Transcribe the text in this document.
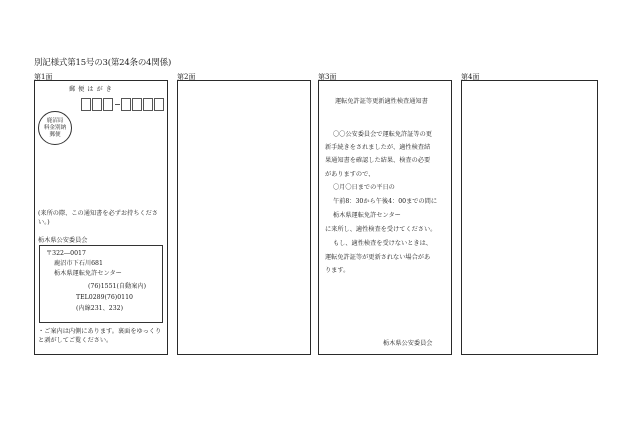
別記様式第15号の3(第24条の4関係)
第1面	第2面	第3面	第4面
郵 便 は が き
鹿沼局
料金別納
郵便
(来所の際、この通知書を必ずお持ちください。)
栃木県公安委員会
〒322―0017
鹿沼市下石川681
栃木県運転免許センター
(76)1551(自動案内)
TEL0289(76)0110
(内線231、232)
・ご案内は内側にあります。裏面をゆっくりと剥がしてご覧ください。
運転免許証等更新適性検査通知書
〇〇公安委員会で運転免許証等の更
新手続きをされましたが、適性検査結
果通知書を確認した結果、検査の必要
がありますので、
〇月〇日までの平日の
午前8：30から午後4：00までの間に
栃木県運転免許センター
に来所し、適性検査を受けてください。
もし、適性検査を受けないときは、
運転免許証等が更新されない場合があ
ります。
栃木県公安委員会
